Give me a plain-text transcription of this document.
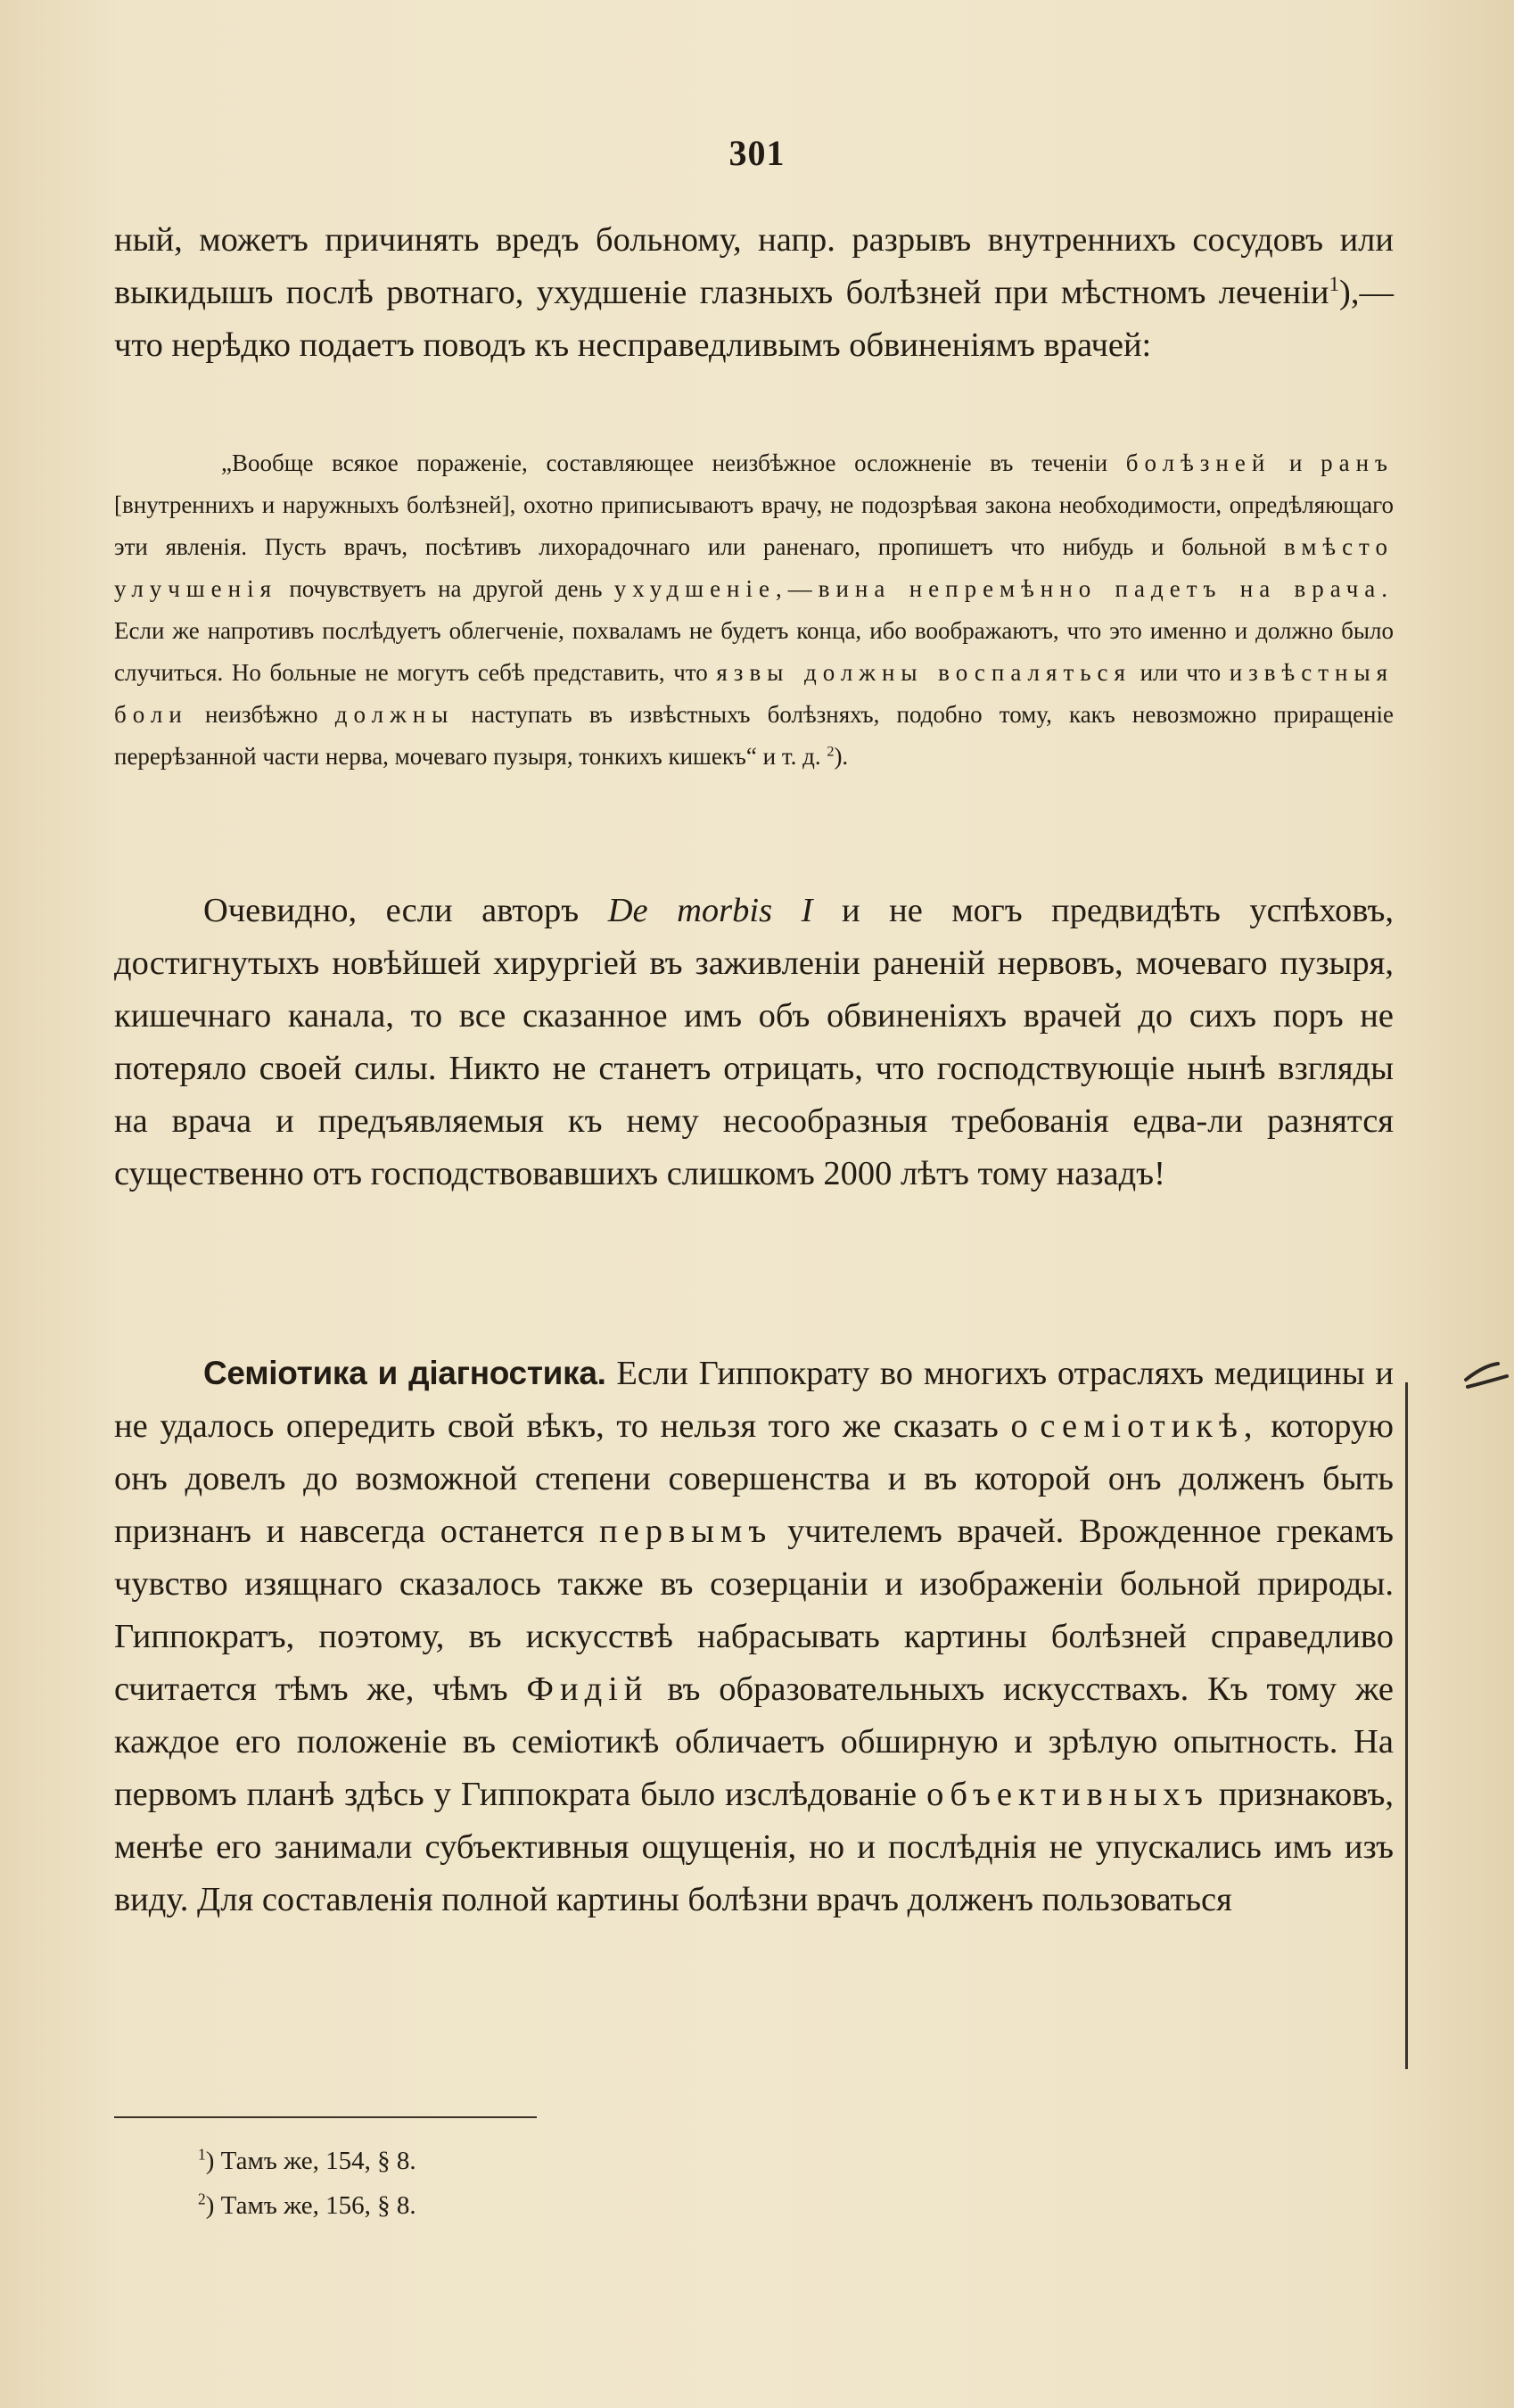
301

ный, можетъ причинять вредъ больному, напр. разрывъ внутреннихъ сосудовъ или выкидышъ послѣ рвотнаго, ухудшеніе глазныхъ болѣзней при мѣстномъ леченіи$^1$),—что нерѣдко подаетъ поводъ къ несправедливымъ обвиненіямъ врачей:

„Вообще всякое пораженіе, составляющее неизбѣжное осложненіе въ теченіи болѣзней и ранъ [внутреннихъ и наружныхъ болѣзней], охотно приписываютъ врачу, не подозрѣвая закона необходимости, опредѣляющаго эти явленія. Пусть врачъ, посѣтивъ лихорадочнаго или раненаго, пропишетъ что нибудь и больной вмѣсто улучшенія почувствуетъ на другой день ухудшеніе,—вина непремѣнно падетъ на врача. Если же напротивъ послѣдуетъ облегченіе, похваламъ не будетъ конца, ибо воображаютъ, что это именно и должно было случиться. Но больные не могутъ себѣ представить, что язвы должны воспаляться или что извѣстныя боли неизбѣжно должны наступать въ извѣстныхъ болѣзняхъ, подобно тому, какъ невозможно приращеніе перерѣзанной части нерва, мочеваго пузыря, тонкихъ кишекъ“ и т. д. $^2$).

Очевидно, если авторъ De morbis I и не могъ предвидѣть успѣховъ, достигнутыхъ новѣйшей хирургіей въ заживленіи раненій нервовъ, мочеваго пузыря, кишечнаго канала, то все сказанное имъ объ обвиненіяхъ врачей до сихъ поръ не потеряло своей силы. Никто не станетъ отрицать, что господствующіе нынѣ взгляды на врача и предъявляемыя къ нему несообразныя требованія едва-ли разнятся существенно отъ господствовавшихъ слишкомъ 2000 лѣтъ тому назадъ!

Семіотика и діагностика. Если Гиппократу во многихъ отрасляхъ медицины и не удалось опередить свой вѣкъ, то нельзя того же сказать о семіотикѣ, которую онъ довелъ до возможной степени совершенства и въ которой онъ долженъ быть признанъ и навсегда останется первымъ учителемъ врачей. Врожденное грекамъ чувство изящнаго сказалось также въ созерцаніи и изображеніи больной природы. Гиппократъ, поэтому, въ искусствѣ набрасывать картины болѣзней справедливо считается тѣмъ же, чѣмъ Фидій въ образовательныхъ искусствахъ. Къ тому же каждое его положеніе въ семіотикѣ обличаетъ обширную и зрѣлую опытность. На первомъ планѣ здѣсь у Гиппократа было изслѣдованіе объективныхъ признаковъ, менѣе его занимали субъективныя ощущенія, но и послѣднія не упускались имъ изъ виду. Для составленія полной картины болѣзни врачъ долженъ пользоваться

$^1$) Тамъ же, 154, § 8.
$^2$) Тамъ же, 156, § 8.
